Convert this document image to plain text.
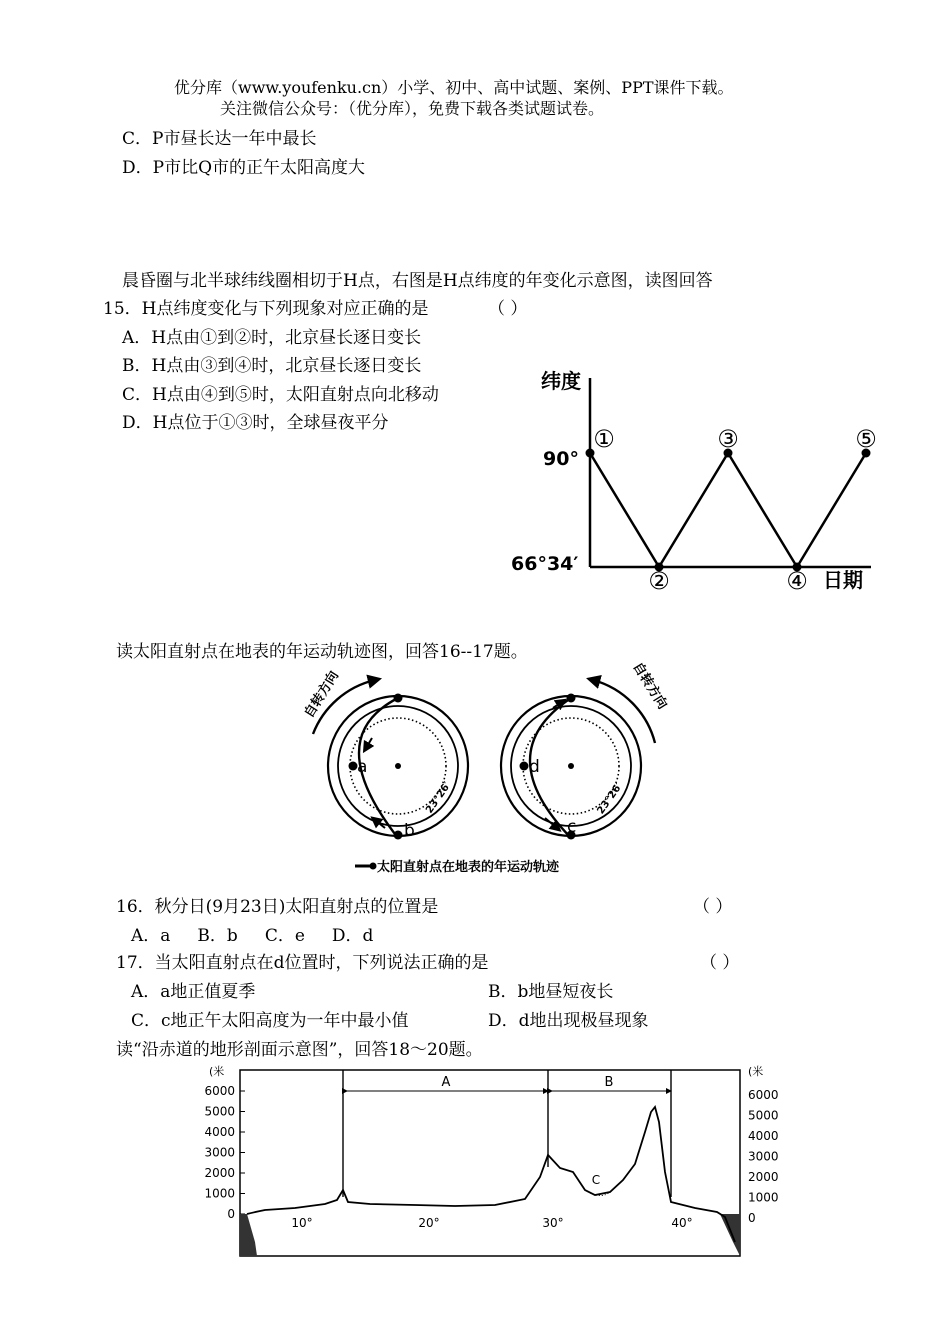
优分库（www.youfenku.cn）小学、初中、高中试题、案例、PPT课件下载。
关注微信公众号：（优分库），免费下载各类试题试卷。
C．P市昼长达一年中最长
D．P市比Q市的正午太阳高度大
晨昏圈与北半球纬线圈相切于H点，右图是H点纬度的年变化示意图，读图回答
15．H点纬度变化与下列现象对应正确的是	（ ）
A．H点由①到②时，北京昼长逐日变长
B．H点由③到④时，北京昼长逐日变长
C．H点由④到⑤时，太阳直射点向北移动
D．H点位于①③时，全球昼夜平分
纬度
日期
90°
66°34′
①
②
③
④
⑤
读太阳直射点在地表的年运动轨迹图，回答16--17题。
自转方向
23°26′
a
b
自转方向
23°26′
d
c
太阳直射点在地表的年运动轨迹
16．秋分日(9月23日)太阳直射点的位置是	（ ）
A．a     B．b     C．e     D．d
17．当太阳直射点在d位置时，下列说法正确的是	（ ）
A．a地正值夏季	B．b地昼短夜长
C．c地正午太阳高度为一年中最小值	D．d地出现极昼现象
读“沿赤道的地形剖面示意图”，回答18～20题。
(米	(米
6000	6000
5000	5000
4000	4000
3000	3000
2000	2000
1000	1000
0	0
10°	20°	30°	40°
A	B
C
